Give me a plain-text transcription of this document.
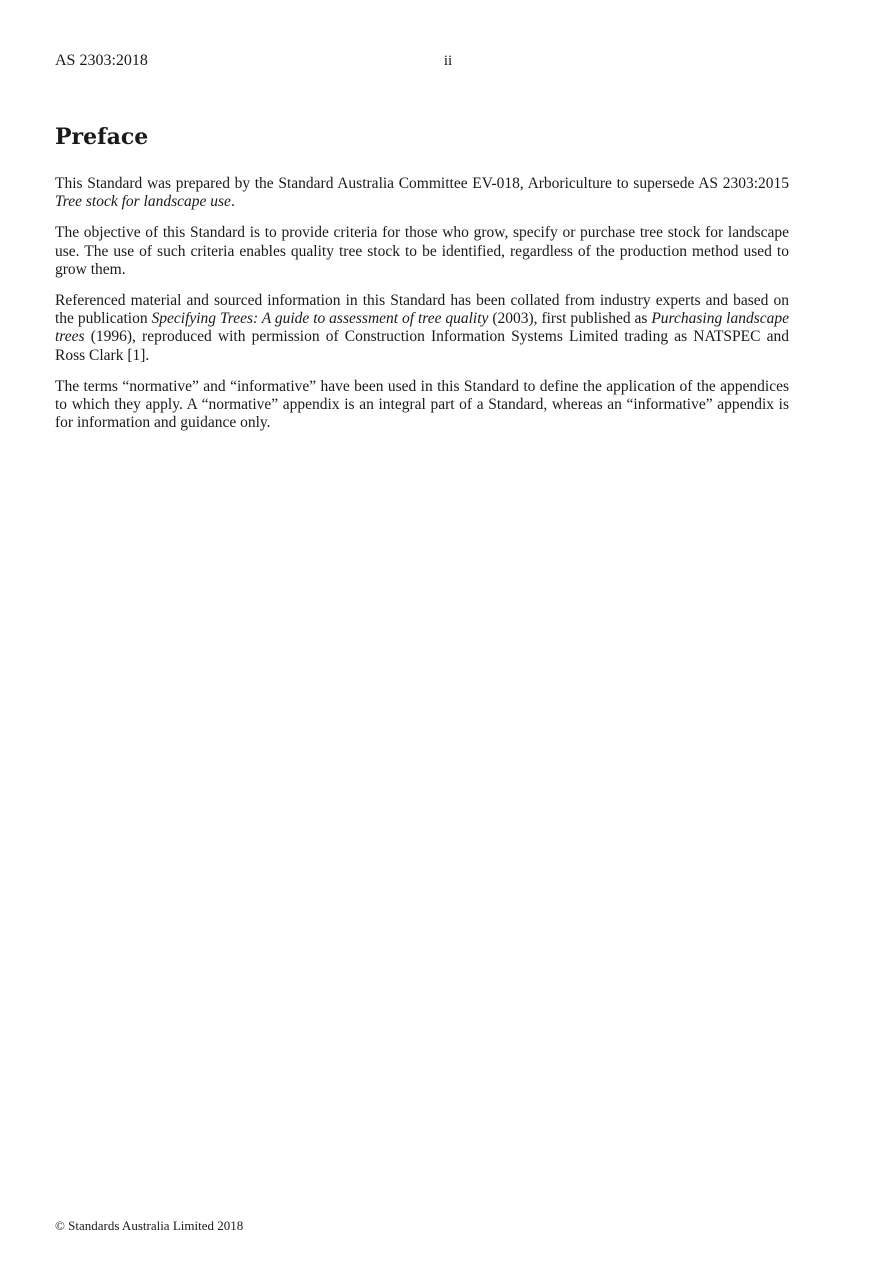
AS 2303:2018	ii
Preface

This Standard was prepared by the Standard Australia Committee EV-018, Arboriculture to supersede AS 2303:2015 Tree stock for landscape use.

The objective of this Standard is to provide criteria for those who grow, specify or purchase tree stock for landscape use. The use of such criteria enables quality tree stock to be identified, regardless of the production method used to grow them.

Referenced material and sourced information in this Standard has been collated from industry experts and based on the publication Specifying Trees: A guide to assessment of tree quality (2003), first published as Purchasing landscape trees (1996), reproduced with permission of Construction Information Systems Limited trading as NATSPEC and Ross Clark [1].

The terms “normative” and “informative” have been used in this Standard to define the application of the appendices to which they apply. A “normative” appendix is an integral part of a Standard, whereas an “informative” appendix is for information and guidance only.

© Standards Australia Limited 2018
